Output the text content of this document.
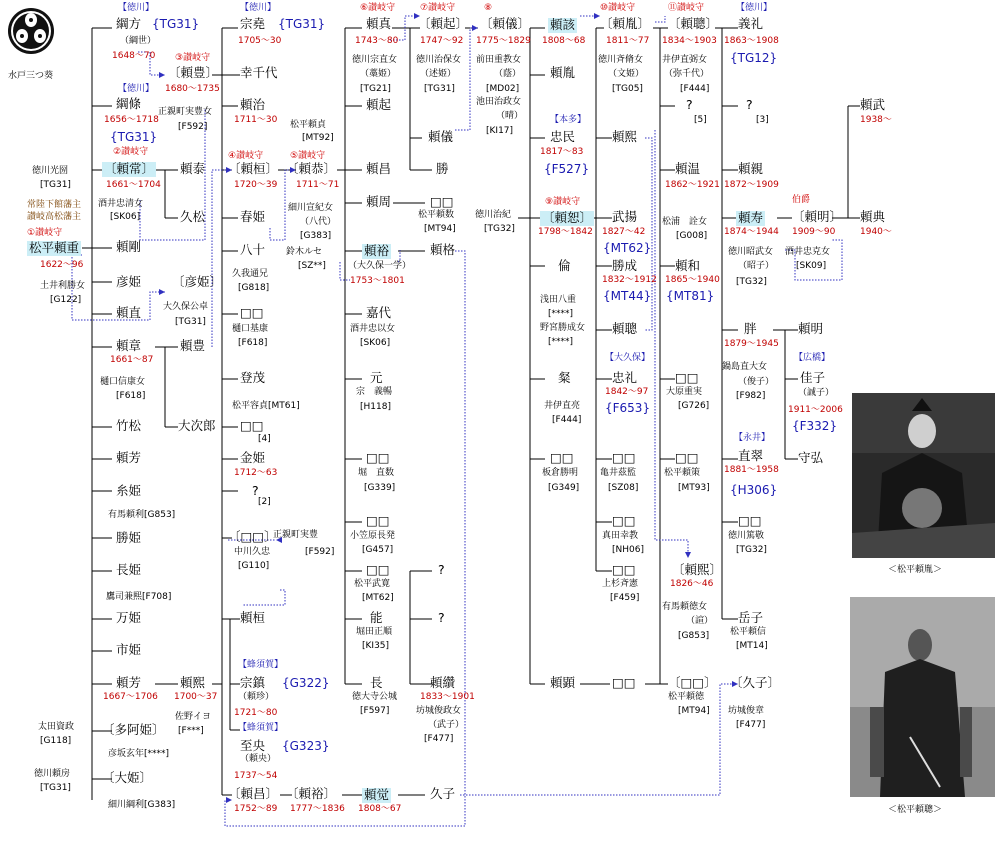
水戸三つ葵
＜松平頼胤＞
＜松平頼聰＞
徳川光圀
[TG31]
常陸下館藩主
讃岐高松藩主
①讃岐守
松平頼重
1622～96
土井利勝女
[G122]
太田資政
[G118]
徳川頼房
[TG31]
【徳川】
綱方 {TG31}
（綱世）
1648～70
【徳川】
綱條
1656～1718
{TG31}
②讃岐守
〔頼常〕
1661～1704
酒井忠清女
[SK06]
頼剛
彦姫
頼直
頼章
1661～87
樋口信康女
[F618]
竹松
頼芳
糸姫
有馬頼利[G853]
勝姫
長姫
鷹司兼熙[F708]
万姫
市姫
頼芳
1667～1706
〔多阿姫〕
彦坂玄年[****]
〔大姫〕
細川綱利[G383]
③讃岐守
〔頼豊〕
1680～1735
正親町実豊女
[F592]
頼泰
久松
〔彦姫〕
大久保公卓
[TG31]
頼豊
大次郎
頼熙
1700～37
佐野イヨ
[F***]
【徳川】
宗堯 {TG31}
1705～30
幸千代
頼治
1711～30
④讃岐守
〔頼桓〕
1720～39
春姫
八十
久我通兄
[G818]
□□
樋口基康
[F618]
登茂
松平容貞[MT61]
□□
[4]
金姫
1712～63
?
[2]
〔□□〕
中川久忠
[G110]
正親町実豊
[F592]
頼桓
【蜂須賀】
宗鎮 {G322}
（頼珍）
1721～80
【蜂須賀】
至央 {G323}
（頼央）
1737～54
〔頼昌〕
1752～89
松平頼貞
[MT92]
⑤讃岐守
〔頼恭〕
1711～71
細川宣紀女
（八代）
[G383]
鈴木ルセ
[SZ**]
〔頼裕〕
1777～1836
⑥讃岐守
頼真
1743～80
徳川宗直女
（藁姫）
[TG21]
頼起
頼昌
頼周
頼裕
（大久保一学）
1753～1801
嘉代
酒井忠以女
[SK06]
元
宗　義暢
[H118]
□□
堀　直数
[G339]
□□
小笠原長発
[G457]
□□
松平武寛
[MT62]
能
堀田正順
[KI35]
長
徳大寺公城
[F597]
頼觉
1808～67
⑦讃岐守
〔頼起〕
1747～92
徳川治保女
（述姫）
[TG31]
頼儀
勝
□□
松平頼数
[MT94]
頼格
?
?
頼纘
1833～1901
坊城俊政女
（武子）
[F477]
久子
⑧
〔頼儀〕
1775～1829
前田重教女
（蔭）
[MD02]
池田治政女
（晴）
[KI17]
徳川治紀
[TG32]
頼該
1808～68
頼胤
【本多】
忠民
1817～83
{F527}
⑨讃岐守
〔頼恕〕
1798～1842
倫
浅田八重
[****]
野宮勝成女
[****]
粲
井伊直亮
[F444]
□□
板倉勝明
[G349]
頼顕
⑩讃岐守
〔頼胤〕
1811～77
徳川斉脩女
（文姫）
[TG05]
頼熙
武揚
1827～42
{MT62}
勝成
1832～1912
{MT44}
頼聰
【大久保】
忠礼
1842～97
{F653}
□□
亀井茲監
[SZ08]
□□
真田幸教
[NH06]
□□
上杉斉憲
[F459]
□□
⑪讃岐守
〔頼聰〕
1834～1903
井伊直弼女
（弥千代）
[F444]
?
[5]
頼温
1862～1921
松浦　詮女
[G008]
頼和
1865～1940
{MT81}
□□
大原重実
[G726]
□□
松平頼策
[MT93]
〔頼熙〕
1826～46
有馬頼徳女
（諠）
[G853]
〔□□〕
松平頼徳
[MT94]
【徳川】
義礼
1863～1908
{TG12}
?
[3]
頼親
1872～1909
頼寿
1874～1944
徳川昭武女
（昭子）
[TG32]
胖
1879～1945
鍋島直大女
（俊子）
[F982]
【永井】
直翠
1881～1958
{H306}
□□
徳川篤敬
[TG32]
岳子
松平頼信
[MT14]
〔久子〕
坊城俊章
[F477]
伯爵
〔頼明〕
1909～90
酒井忠克女
[SK09]
頼明
【広橋】
佳子
（誠子）
1911～2006
{F332}
守弘
頼武
1938～
頼典
1940～
